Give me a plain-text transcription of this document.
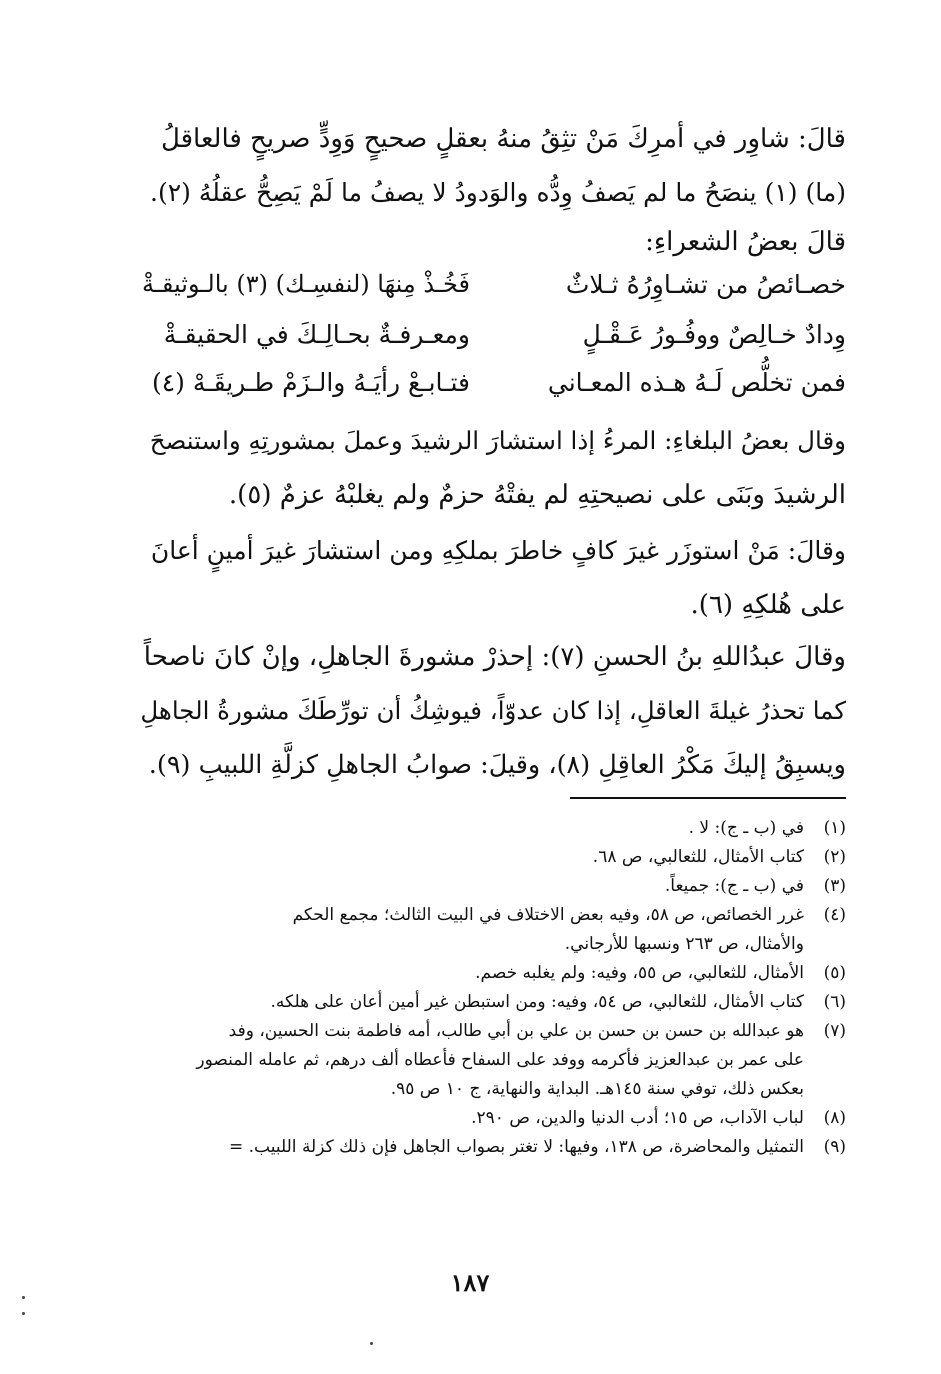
قالَ: شاوِر في أمرِكَ مَنْ تثِقُ منهُ بعقلٍ صحيحٍ وَوِدٍّ صريحٍ فالعاقلُ
(ما) (١) ينصَحُ ما لم يَصفُ وِدُّه والوَدودُ لا يصفُ ما لَمْ يَصِحُّ عقلُهُ (٢).

قالَ بعضُ الشعراءِ:
خصـائصُ من تشـاوِرُهُ ثـلاثٌ
فَخُـذْ مِنهَا (لنفسِـك) (٣) بالـوثيقـةْ
وِدادٌ خـالِصٌ ووفُـورُ عَـقْـلٍ
ومعـرفـةٌ بحـالِـكَ في الحقيقـةْ
فمن تخلُّص لَـهُ هـذه المعـاني
فتـابـعْ رأيَـهُ والـزَمْ طـريقَـهْ (٤)

وقال بعضُ البلغاءِ: المرءُ إذا استشارَ الرشيدَ وعملَ بمشورتِهِ واستنصحَ
الرشيدَ وبَنَى على نصيحتِهِ لم يفتْهُ حزمٌ ولم يغلبْهُ عزمٌ (٥).

وقالَ: مَنْ استوزَر غيرَ كافٍ خاطرَ بملكِهِ ومن استشارَ غيرَ أمينٍ أعانَ
على هُلكِهِ (٦).

وقالَ عبدُاللهِ بنُ الحسنِ (٧): إحذرْ مشورةَ الجاهلِ، وإنْ كانَ ناصحاً
كما تحذرُ غيلةَ العاقلِ، إذا كان عدوّاً، فيوشِكُ أن تورِّطَكَ مشورةُ الجاهلِ
ويسبِقُ إليكَ مَكْرُ العاقِلِ (٨)، وقيلَ: صوابُ الجاهلِ كزلَّةِ اللبيبِ (٩).

(١)
في (ب ـ ج): لا .
(٢)
كتاب الأمثال، للثعالبي، ص ٦٨.
(٣)
في (ب ـ ج): جميعاً.
(٤)
غرر الخصائص، ص ٥٨، وفيه بعض الاختلاف في البيت الثالث؛ مجمع الحكم
والأمثال، ص ٢٦٣ ونسبها للأرجاني.
(٥)
الأمثال، للثعالبي، ص ٥٥، وفيه: ولم يغلبه خصم.
(٦)
كتاب الأمثال، للثعالبي، ص ٥٤، وفيه: ومن استبطن غير أمين أعان على هلكه.
(٧)
هو عبدالله بن حسن بن حسن بن علي بن أبي طالب، أمه فاطمة بنت الحسين، وفد
على عمر بن عبدالعزيز فأكرمه ووفد على السفاح فأعطاه ألف درهم، ثم عامله المنصور
بعكس ذلك، توفي سنة ١٤٥هـ. البداية والنهاية، ج ١٠ ص ٩٥.
(٨)
لباب الآداب، ص ١٥؛ أدب الدنيا والدين، ص ٢٩٠.
(٩)
التمثيل والمحاضرة، ص ١٣٨، وفيها: لا تغتر بصواب الجاهل فإن ذلك كزلة اللبيب. =
١٨٧
